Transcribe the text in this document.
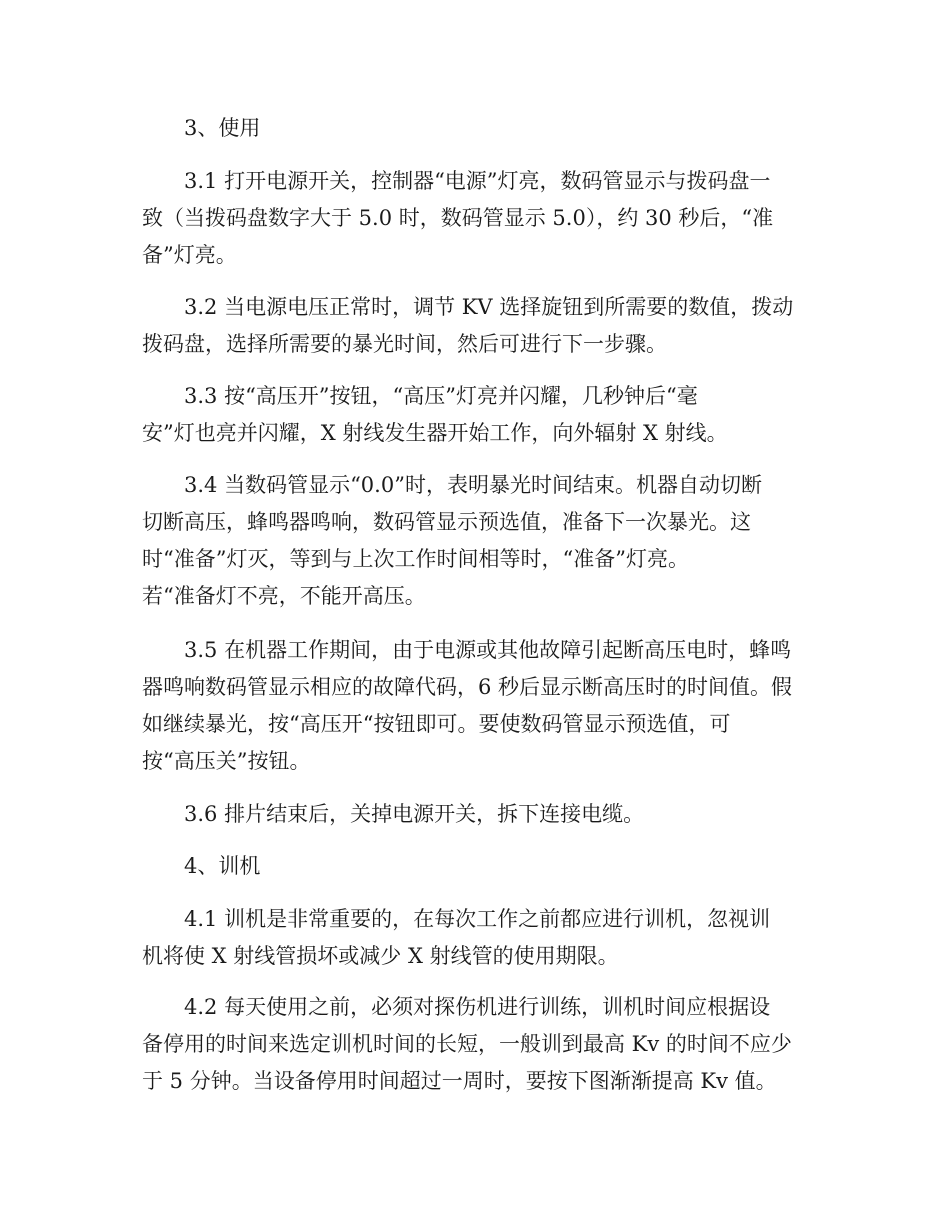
3、使用
3.1 打开电源开关，控制器“电源”灯亮，数码管显示与拨码盘一
致（当拨码盘数字大于 5.0 时，数码管显示 5.0），约 30 秒后，“准
备”灯亮。
3.2 当电源电压正常时，调节 KV 选择旋钮到所需要的数值，拨动
拨码盘，选择所需要的暴光时间，然后可进行下一步骤。
3.3 按“高压开”按钮，“高压”灯亮并闪耀，几秒钟后“毫
安”灯也亮并闪耀，X 射线发生器开始工作，向外辐射 X 射线。
3.4 当数码管显示“0.0”时，表明暴光时间结束。机器自动切断
切断高压，蜂鸣器鸣响，数码管显示预选值，准备下一次暴光。这
时“准备”灯灭，等到与上次工作时间相等时，“准备”灯亮。
若“准备灯不亮，不能开高压。
3.5 在机器工作期间，由于电源或其他故障引起断高压电时，蜂鸣
器鸣响数码管显示相应的故障代码，6 秒后显示断高压时的时间值。假
如继续暴光，按“高压开“按钮即可。要使数码管显示预选值，可
按“高压关”按钮。
3.6 排片结束后，关掉电源开关，拆下连接电缆。
4、训机
4.1 训机是非常重要的，在每次工作之前都应进行训机，忽视训
机将使 X 射线管损坏或减少 X 射线管的使用期限。
4.2 每天使用之前，必须对探伤机进行训练，训机时间应根据设
备停用的时间来选定训机时间的长短，一般训到最高 Kv 的时间不应少
于 5 分钟。当设备停用时间超过一周时，要按下图渐渐提高 Kv 值。
